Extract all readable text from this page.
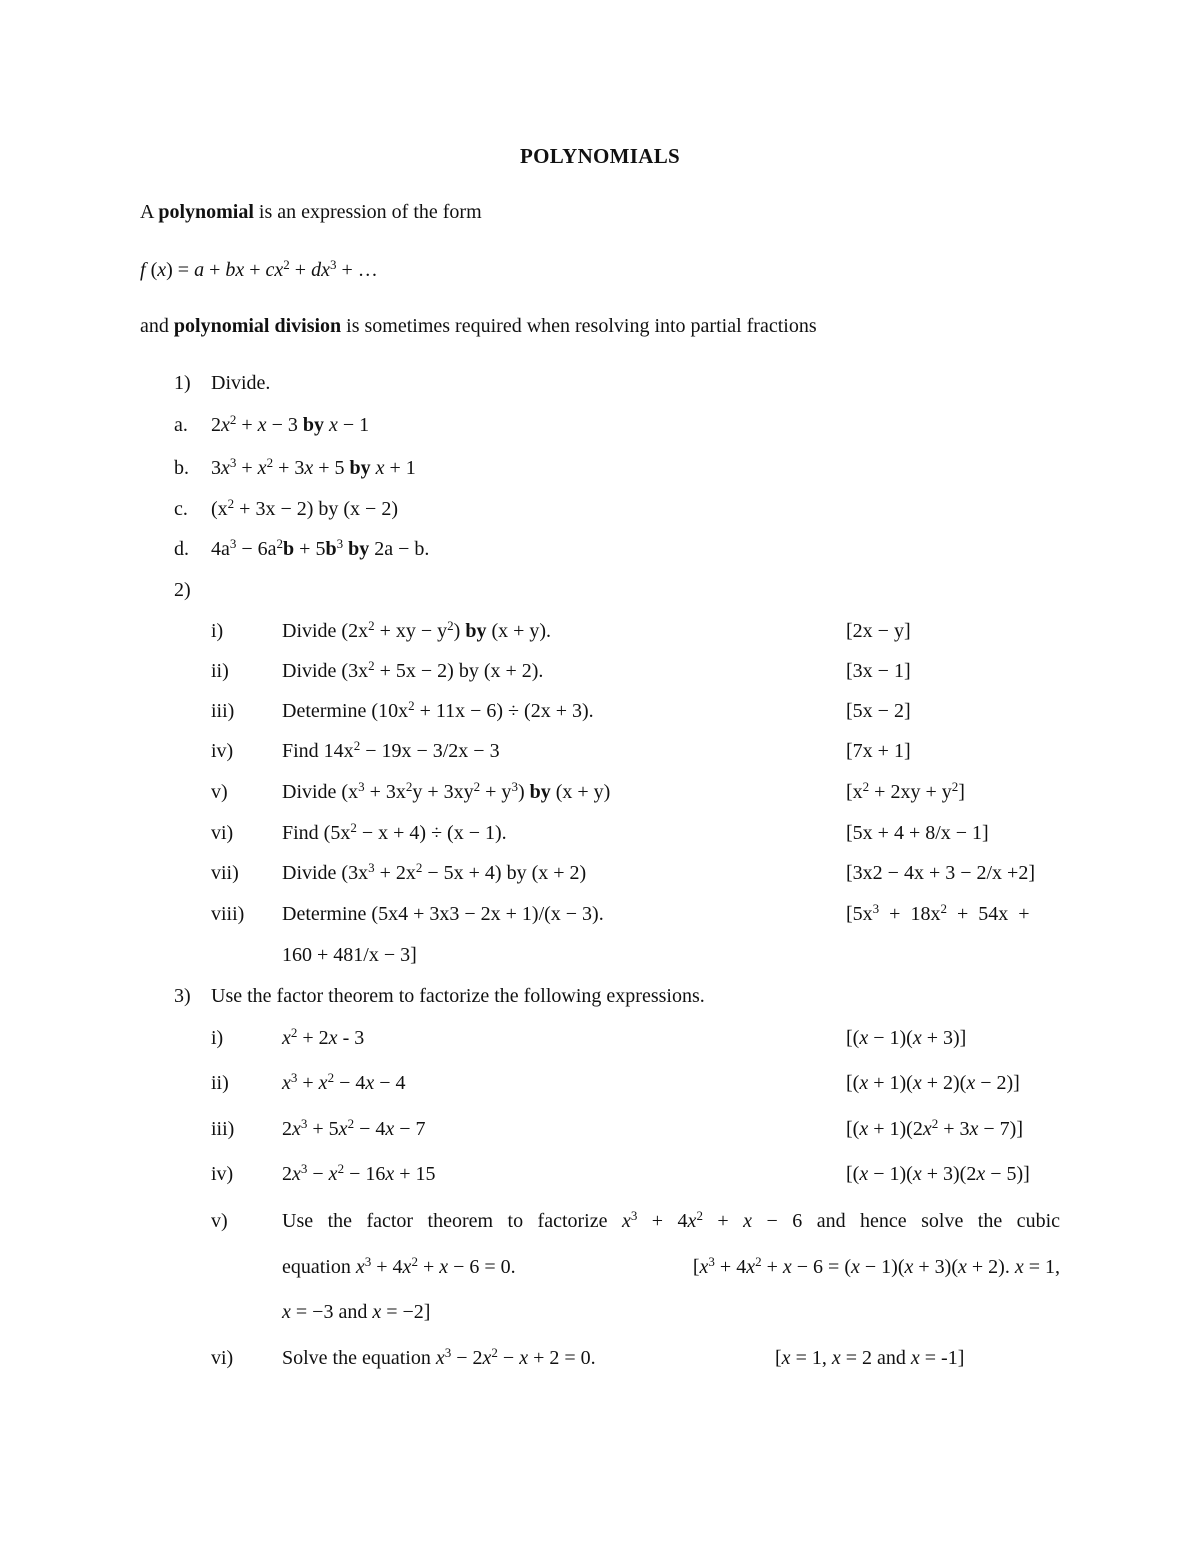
POLYNOMIALS
A polynomial is an expression of the form
f (x) = a + bx + $cx^2 + dx^3$ + …
and polynomial division is sometimes required when resolving into partial fractions
1) Divide.
a. $2x^2 + x - 3$ by x − 1
b. $3x^3 + x^2 + 3x + 5$ by x + 1
c. $(x^2 + 3x - 2)$ by (x − 2)
d. $4a^3 - 6a^2b + 5b^3$ by 2a − b.
2)
i)	Divide ($2x^2$ + xy − $y^2$) by (x + y).	[2x − y]
ii)	Divide $(3x^2 + 5x - 2)$ by (x + 2).	[3x − 1]
iii) Determine $(10x^2 + 11x - 6) \div (2x + 3)$.	[5x − 2]
iv) Find $14x^2 - 19x - 3/2x - 3$	[7x + 1]
v)	Divide $(x^3 + 3x^2y + 3xy^2 + y^3)$ by (x + y)	$[x^2 + 2xy + y^2]$
vi) Find $(5x^2 - x + 4) \div (x - 1)$.	[5x + 4 + 8/x − 1]
vii) Divide $(3x^3 + 2x^2 - 5x + 4)$ by (x + 2)	[3x2 − 4x + 3 − 2/x +2]
viii) Determine (5x4 + 3x3 − 2x + 1)/(x − 3).	[$5x^3 + 18x^2 + 54x$  +
160 + 481/x − 3]
3) Use the factor theorem to factorize the following expressions.
i)	$x^2 + 2x - 3$	[(x − 1)(x + 3)]
ii)	$x^3 + x^2 - 4x - 4$	[(x + 1)(x + 2)(x − 2)]
iii) $2x^3 + 5x^2 - 4x - 7$	$[(x + 1)(2x^2 + 3x - 7)]$
iv) $2x^3 - x^2 - 16x + 15$	[(x − 1)(x + 3)(2x − 5)]
v)	Use the factor theorem to factorize $x^3 + 4x^2 + x - 6$ and hence solve the cubic
equation $x^3 + 4x^2 + x - 6 = 0$.	[$x^3 + 4x^2 + x - 6 = (x - 1)(x + 3)(x + 2)$. x = 1,
x = −3 and x = −2]
vi) Solve the equation $x^3 - 2x^2 - x + 2 = 0$.	[x = 1, x = 2 and x = -1]
